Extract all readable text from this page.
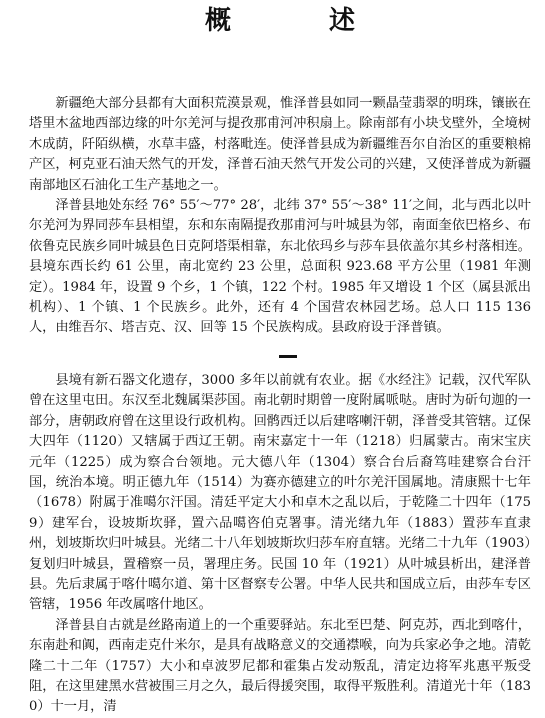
概　述

新疆绝大部分县都有大面积荒漠景观，惟泽普县如同一颗晶莹翡翠的明珠，镶嵌在塔里木盆地西部边缘的叶尔羌河与提孜那甫河冲积扇上。除南部有小块戈壁外，全境树木成荫，阡陌纵横，水草丰盛，村落毗连。使泽普县成为新疆维吾尔自治区的重要粮棉产区，柯克亚石油天然气的开发，泽普石油天然气开发公司的兴建，又使泽普成为新疆南部地区石油化工生产基地之一。

泽普县地处东经 76° 55′～77° 28′，北纬 37° 55′～38° 11′之间，北与西北以叶尔羌河为界同莎车县相望，东和东南隔提孜那甫河与叶城县为邻，南面奎依巴格乡、布依鲁克民族乡同叶城县色日克阿塔渠相靠，东北依玛乡与莎车县依盖尔其乡村落相连。县境东西长约 61 公里，南北宽约 23 公里，总面积 923.68 平方公里（1981 年测定）。1984 年，设置 9 个乡，1 个镇，122 个村。1985 年又增设 1 个区（属县派出机构）、1 个镇、1 个民族乡。此外，还有 4 个国营农林园艺场。总人口 115 136 人，由维吾尔、塔吉克、汉、回等 15 个民族构成。县政府设于泽普镇。

县境有新石器文化遗存，3000 多年以前就有农业。据《水经注》记载，汉代军队曾在这里屯田。东汉至北魏属渠莎国。南北朝时期曾一度附属哌哒。唐时为斫句迦的一部分，唐朝政府曾在这里设行政机构。回鹘西迁以后建喀喇汗朝，泽普受其管辖。辽保大四年（1120）又辖属于西辽王朝。南宋嘉定十一年（1218）归属蒙古。南宋宝庆元年（1225）成为察合台领地。元大德八年（1304）察合台后裔笃哇建察合台汗国，统治本境。明正德九年（1514）为赛亦德建立的叶尔羌汗国属地。清康熙十七年（1678）附属于准噶尔汗国。清廷平定大小和卓木之乱以后，于乾隆二十四年（1759）建军台，设坡斯坎驿，置六品噶咨伯克署事。清光绪九年（1883）置莎车直隶州，划坡斯坎归叶城县。光绪二十八年划坡斯坎归莎车府直辖。光绪二十九年（1903）复划归叶城县，置稽察一员，署理庄务。民国 10 年（1921）从叶城县析出，建泽普县。先后隶属于喀什噶尔道、第十区督察专公署。中华人民共和国成立后，由莎车专区管辖，1956 年改属喀什地区。

泽普县自古就是丝路南道上的一个重要驿站。东北至巴楚、阿克苏，西北到喀什，东南赴和阗，西南走克什米尔，是具有战略意义的交通襟喉，向为兵家必争之地。清乾隆二十二年（1757）大小和卓波罗尼都和霍集占发动叛乱，清定边将军兆惠平叛受阻，在这里建黑水营被围三月之久，最后得援突围，取得平叛胜利。清道光十年（1830）十一月，清
